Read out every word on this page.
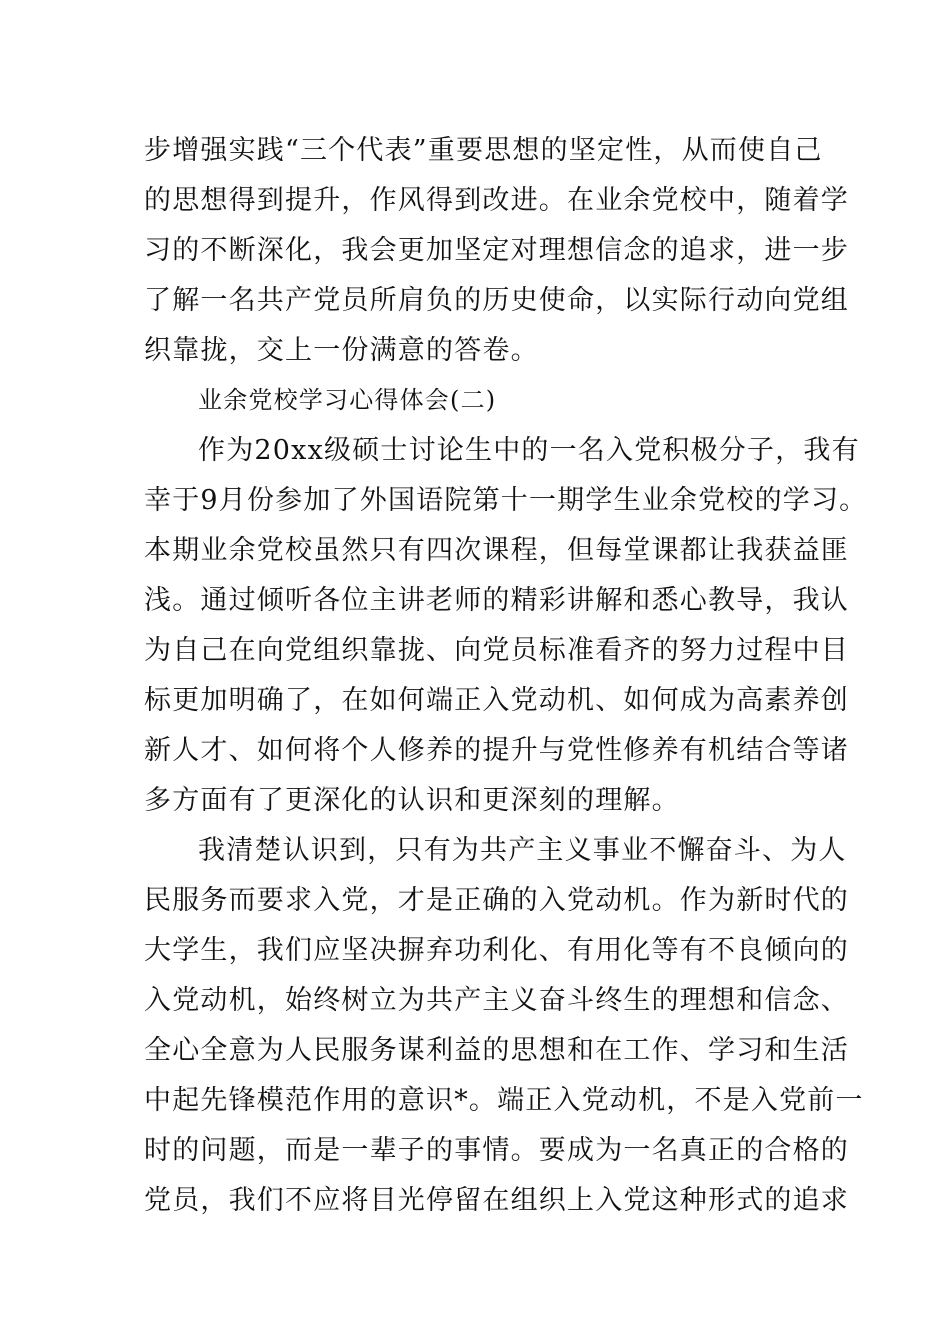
步增强实践“三个代表”重要思想的坚定性，从而使自己
的思想得到提升，作风得到改进。在业余党校中，随着学
习的不断深化，我会更加坚定对理想信念的追求，进一步
了解一名共产党员所肩负的历史使命，以实际行动向党组
织靠拢，交上一份满意的答卷。
业余党校学习心得体会(二)
作为20xx级硕士讨论生中的一名入党积极分子，我有
幸于9月份参加了外国语院第十一期学生业余党校的学习。
本期业余党校虽然只有四次课程，但每堂课都让我获益匪
浅。通过倾听各位主讲老师的精彩讲解和悉心教导，我认
为自己在向党组织靠拢、向党员标准看齐的努力过程中目
标更加明确了，在如何端正入党动机、如何成为高素养创
新人才、如何将个人修养的提升与党性修养有机结合等诸
多方面有了更深化的认识和更深刻的理解。
我清楚认识到，只有为共产主义事业不懈奋斗、为人
民服务而要求入党，才是正确的入党动机。作为新时代的
大学生，我们应坚决摒弃功利化、有用化等有不良倾向的
入党动机，始终树立为共产主义奋斗终生的理想和信念、
全心全意为人民服务谋利益的思想和在工作、学习和生活
中起先锋模范作用的意识*。端正入党动机，不是入党前一
时的问题，而是一辈子的事情。要成为一名真正的合格的
党员，我们不应将目光停留在组织上入党这种形式的追求
